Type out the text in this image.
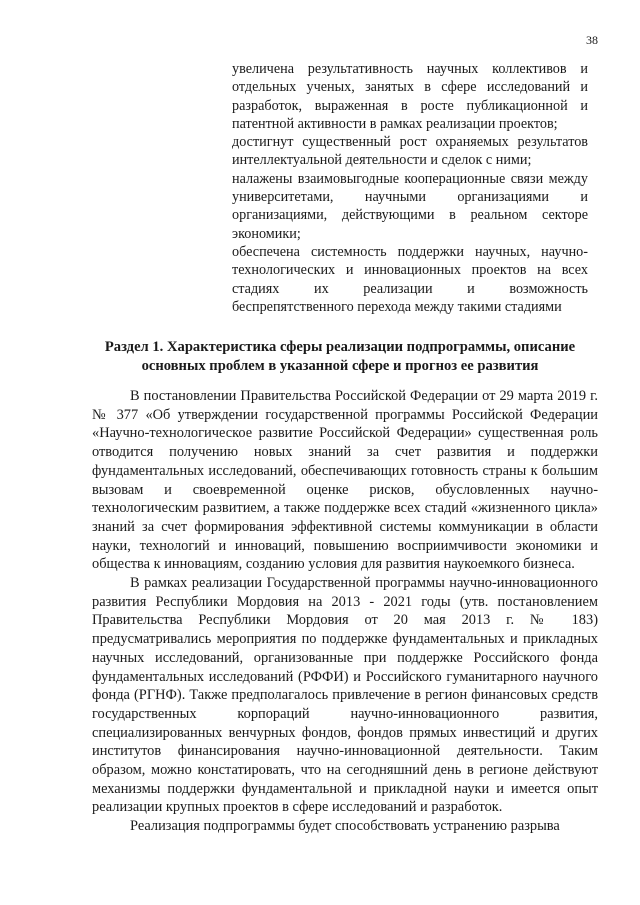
38
увеличена результативность научных коллективов и отдельных ученых, занятых в сфере исследований и разработок, выраженная в росте публикационной и патентной активности в рамках реализации проектов;
достигнут существенный рост охраняемых результатов интеллектуальной деятельности и сделок с ними;
налажены взаимовыгодные кооперационные связи между университетами, научными организациями и организациями, действующими в реальном секторе экономики;
обеспечена системность поддержки научных, научно-технологических и инновационных проектов на всех стадиях их реализации и возможность беспрепятственного перехода между такими стадиями
Раздел 1. Характеристика сферы реализации подпрограммы, описание основных проблем в указанной сфере и прогноз ее развития

В постановлении Правительства Российской Федерации от 29 марта 2019 г. № 377 «Об утверждении государственной программы Российской Федерации «Научно-технологическое развитие Российской Федерации» существенная роль отводится получению новых знаний за счет развития и поддержки фундаментальных исследований, обеспечивающих готовность страны к большим вызовам и своевременной оценке рисков, обусловленных научно-технологическим развитием, а также поддержке всех стадий «жизненного цикла» знаний за счет формирования эффективной системы коммуникации в области науки, технологий и инноваций, повышению восприимчивости экономики и общества к инновациям, созданию условия для развития наукоемкого бизнеса.

В рамках реализации Государственной программы научно-инновационного развития Республики Мордовия на 2013 - 2021 годы (утв. постановлением Правительства Республики Мордовия от 20 мая 2013 г. № 183) предусматривались мероприятия по поддержке фундаментальных и прикладных научных исследований, организованные при поддержке Российского фонда фундаментальных исследований (РФФИ) и Российского гуманитарного научного фонда (РГНФ). Также предполагалось привлечение в регион финансовых средств государственных корпораций научно-инновационного развития, специализированных венчурных фондов, фондов прямых инвестиций и других институтов финансирования научно-инновационной деятельности. Таким образом, можно констатировать, что на сегодняшний день в регионе действуют механизмы поддержки фундаментальной и прикладной науки и имеется опыт реализации крупных проектов в сфере исследований и разработок.

Реализация подпрограммы будет способствовать устранению разрыва
